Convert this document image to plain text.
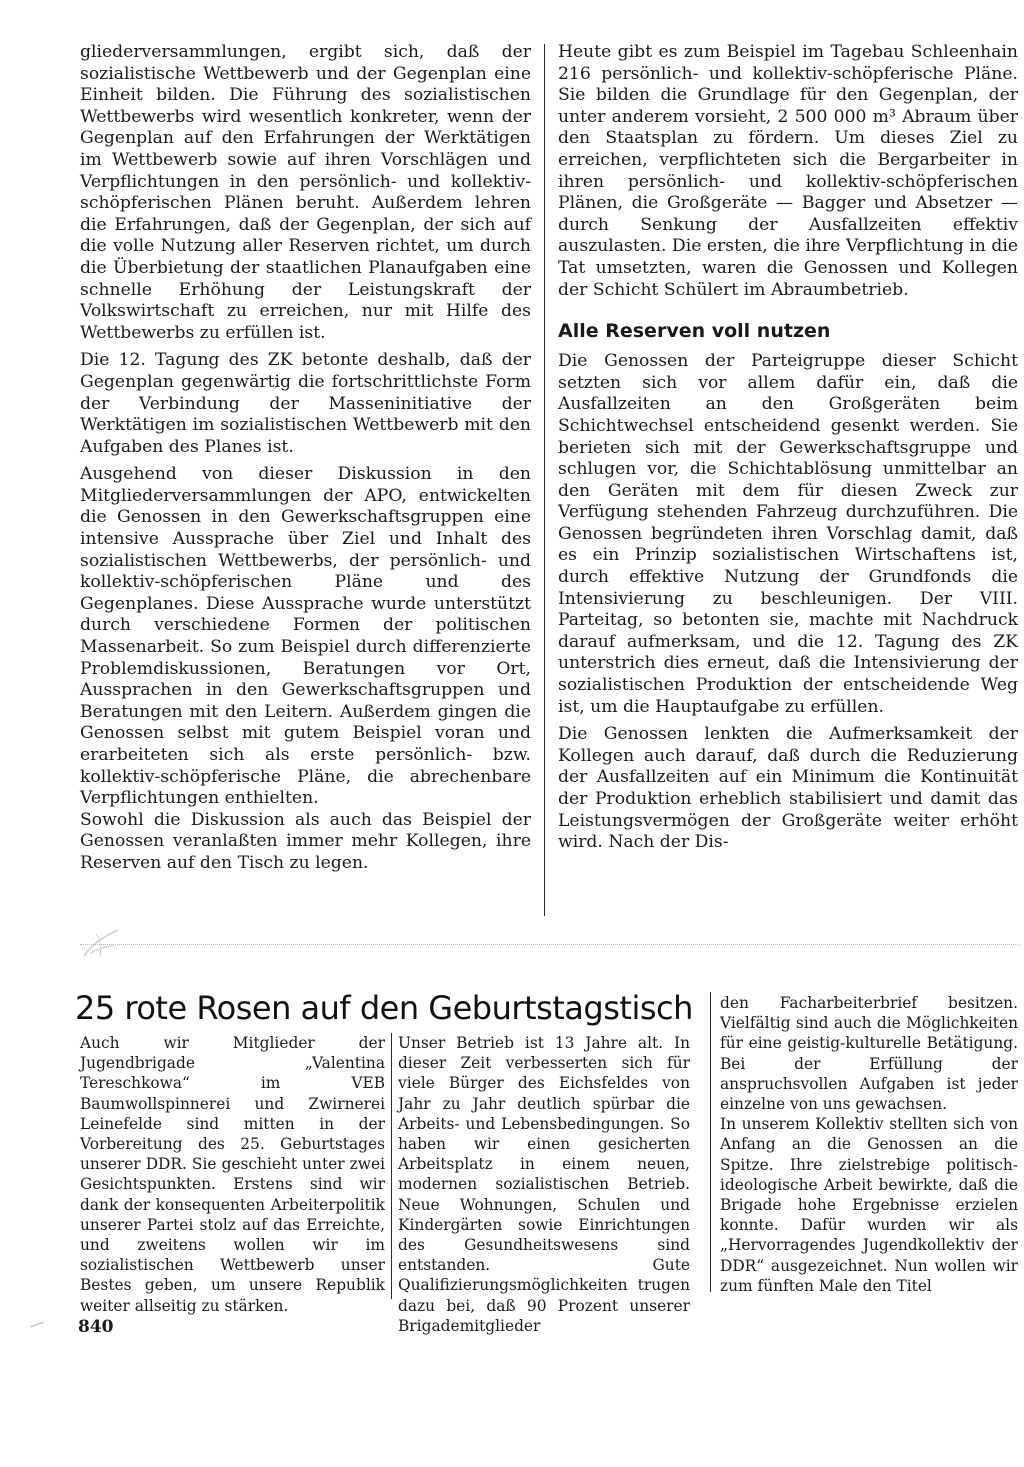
gliederversammlungen, ergibt sich, daß der sozialistische Wettbewerb und der Gegenplan eine Einheit bilden. Die Führung des sozialistischen Wettbewerbs wird wesentlich konkreter, wenn der Gegenplan auf den Erfahrungen der Werktätigen im Wettbewerb sowie auf ihren Vorschlägen und Verpflichtungen in den persönlich- und kollektiv-schöpferischen Plänen beruht. Außerdem lehren die Erfahrungen, daß der Gegenplan, der sich auf die volle Nutzung aller Reserven richtet, um durch die Überbietung der staatlichen Planaufgaben eine schnelle Erhöhung der Leistungskraft der Volkswirtschaft zu erreichen, nur mit Hilfe des Wettbewerbs zu erfüllen ist.

Die 12. Tagung des ZK betonte deshalb, daß der Gegenplan gegenwärtig die fortschrittlichste Form der Verbindung der Masseninitiative der Werktätigen im sozialistischen Wettbewerb mit den Aufgaben des Planes ist.

Ausgehend von dieser Diskussion in den Mitgliederversammlungen der APO, entwickelten die Genossen in den Gewerkschaftsgruppen eine intensive Aussprache über Ziel und Inhalt des sozialistischen Wettbewerbs, der persönlich- und kollektiv-schöpferischen Pläne und des Gegenplanes. Diese Aussprache wurde unterstützt durch verschiedene Formen der politischen Massenarbeit. So zum Beispiel durch differenzierte Problemdiskussionen, Beratungen vor Ort, Aussprachen in den Gewerkschaftsgruppen und Beratungen mit den Leitern. Außerdem gingen die Genossen selbst mit gutem Beispiel voran und erarbeiteten sich als erste persönlich- bzw. kollektiv-schöpferische Pläne, die abrechenbare Verpflichtungen enthielten.

Sowohl die Diskussion als auch das Beispiel der Genossen veranlaßten immer mehr Kollegen, ihre Reserven auf den Tisch zu legen.

Heute gibt es zum Beispiel im Tagebau Schleenhain 216 persönlich- und kollektiv-schöpferische Pläne. Sie bilden die Grundlage für den Gegenplan, der unter anderem vorsieht, 2 500 000 m³ Abraum über den Staatsplan zu fördern. Um dieses Ziel zu erreichen, verpflichteten sich die Bergarbeiter in ihren persönlich- und kollektiv-schöpferischen Plänen, die Großgeräte — Bagger und Absetzer — durch Senkung der Ausfallzeiten effektiv auszulasten. Die ersten, die ihre Verpflichtung in die Tat umsetzten, waren die Genossen und Kollegen der Schicht Schülert im Abraumbetrieb.

Alle Reserven voll nutzen

Die Genossen der Parteigruppe dieser Schicht setzten sich vor allem dafür ein, daß die Ausfallzeiten an den Großgeräten beim Schichtwechsel entscheidend gesenkt werden. Sie berieten sich mit der Gewerkschaftsgruppe und schlugen vor, die Schichtablösung unmittelbar an den Geräten mit dem für diesen Zweck zur Verfügung stehenden Fahrzeug durchzuführen. Die Genossen begründeten ihren Vorschlag damit, daß es ein Prinzip sozialistischen Wirtschaftens ist, durch effektive Nutzung der Grundfonds die Intensivierung zu beschleunigen. Der VIII. Parteitag, so betonten sie, machte mit Nachdruck darauf aufmerksam, und die 12. Tagung des ZK unterstrich dies erneut, daß die Intensivierung der sozialistischen Produktion der entscheidende Weg ist, um die Hauptaufgabe zu erfüllen.

Die Genossen lenkten die Aufmerksamkeit der Kollegen auch darauf, daß durch die Reduzierung der Ausfallzeiten auf ein Minimum die Kontinuität der Produktion erheblich stabilisiert und damit das Leistungsvermögen der Großgeräte weiter erhöht wird. Nach der Dis-

25 rote Rosen auf den Geburtstagstisch

Auch wir Mitglieder der Jugendbrigade „Valentina Tereschkowa“ im VEB Baumwollspinnerei und Zwirnerei Leinefelde sind mitten in der Vorbereitung des 25. Geburtstages unserer DDR. Sie geschieht unter zwei Gesichtspunkten. Erstens sind wir dank der konsequenten Arbeiterpolitik unserer Partei stolz auf das Erreichte, und zweitens wollen wir im sozialistischen Wettbewerb unser Bestes geben, um unsere Republik weiter allseitig zu stärken.

Unser Betrieb ist 13 Jahre alt. In dieser Zeit verbesserten sich für viele Bürger des Eichsfeldes von Jahr zu Jahr deutlich spürbar die Arbeits- und Lebensbedingungen. So haben wir einen gesicherten Arbeitsplatz in einem neuen, modernen sozialistischen Betrieb. Neue Wohnungen, Schulen und Kindergärten sowie Einrichtungen des Gesundheitswesens sind entstanden. Gute Qualifizierungsmöglichkeiten trugen dazu bei, daß 90 Prozent unserer Brigademitglieder

den Facharbeiterbrief besitzen. Vielfältig sind auch die Möglichkeiten für eine geistig-kulturelle Betätigung. Bei der Erfüllung der anspruchsvollen Aufgaben ist jeder einzelne von uns gewachsen.

In unserem Kollektiv stellten sich von Anfang an die Genossen an die Spitze. Ihre zielstrebige politisch-ideologische Arbeit bewirkte, daß die Brigade hohe Ergebnisse erzielen konnte. Dafür wurden wir als „Hervorragendes Jugendkollektiv der DDR“ ausgezeichnet. Nun wollen wir zum fünften Male den Titel

840
